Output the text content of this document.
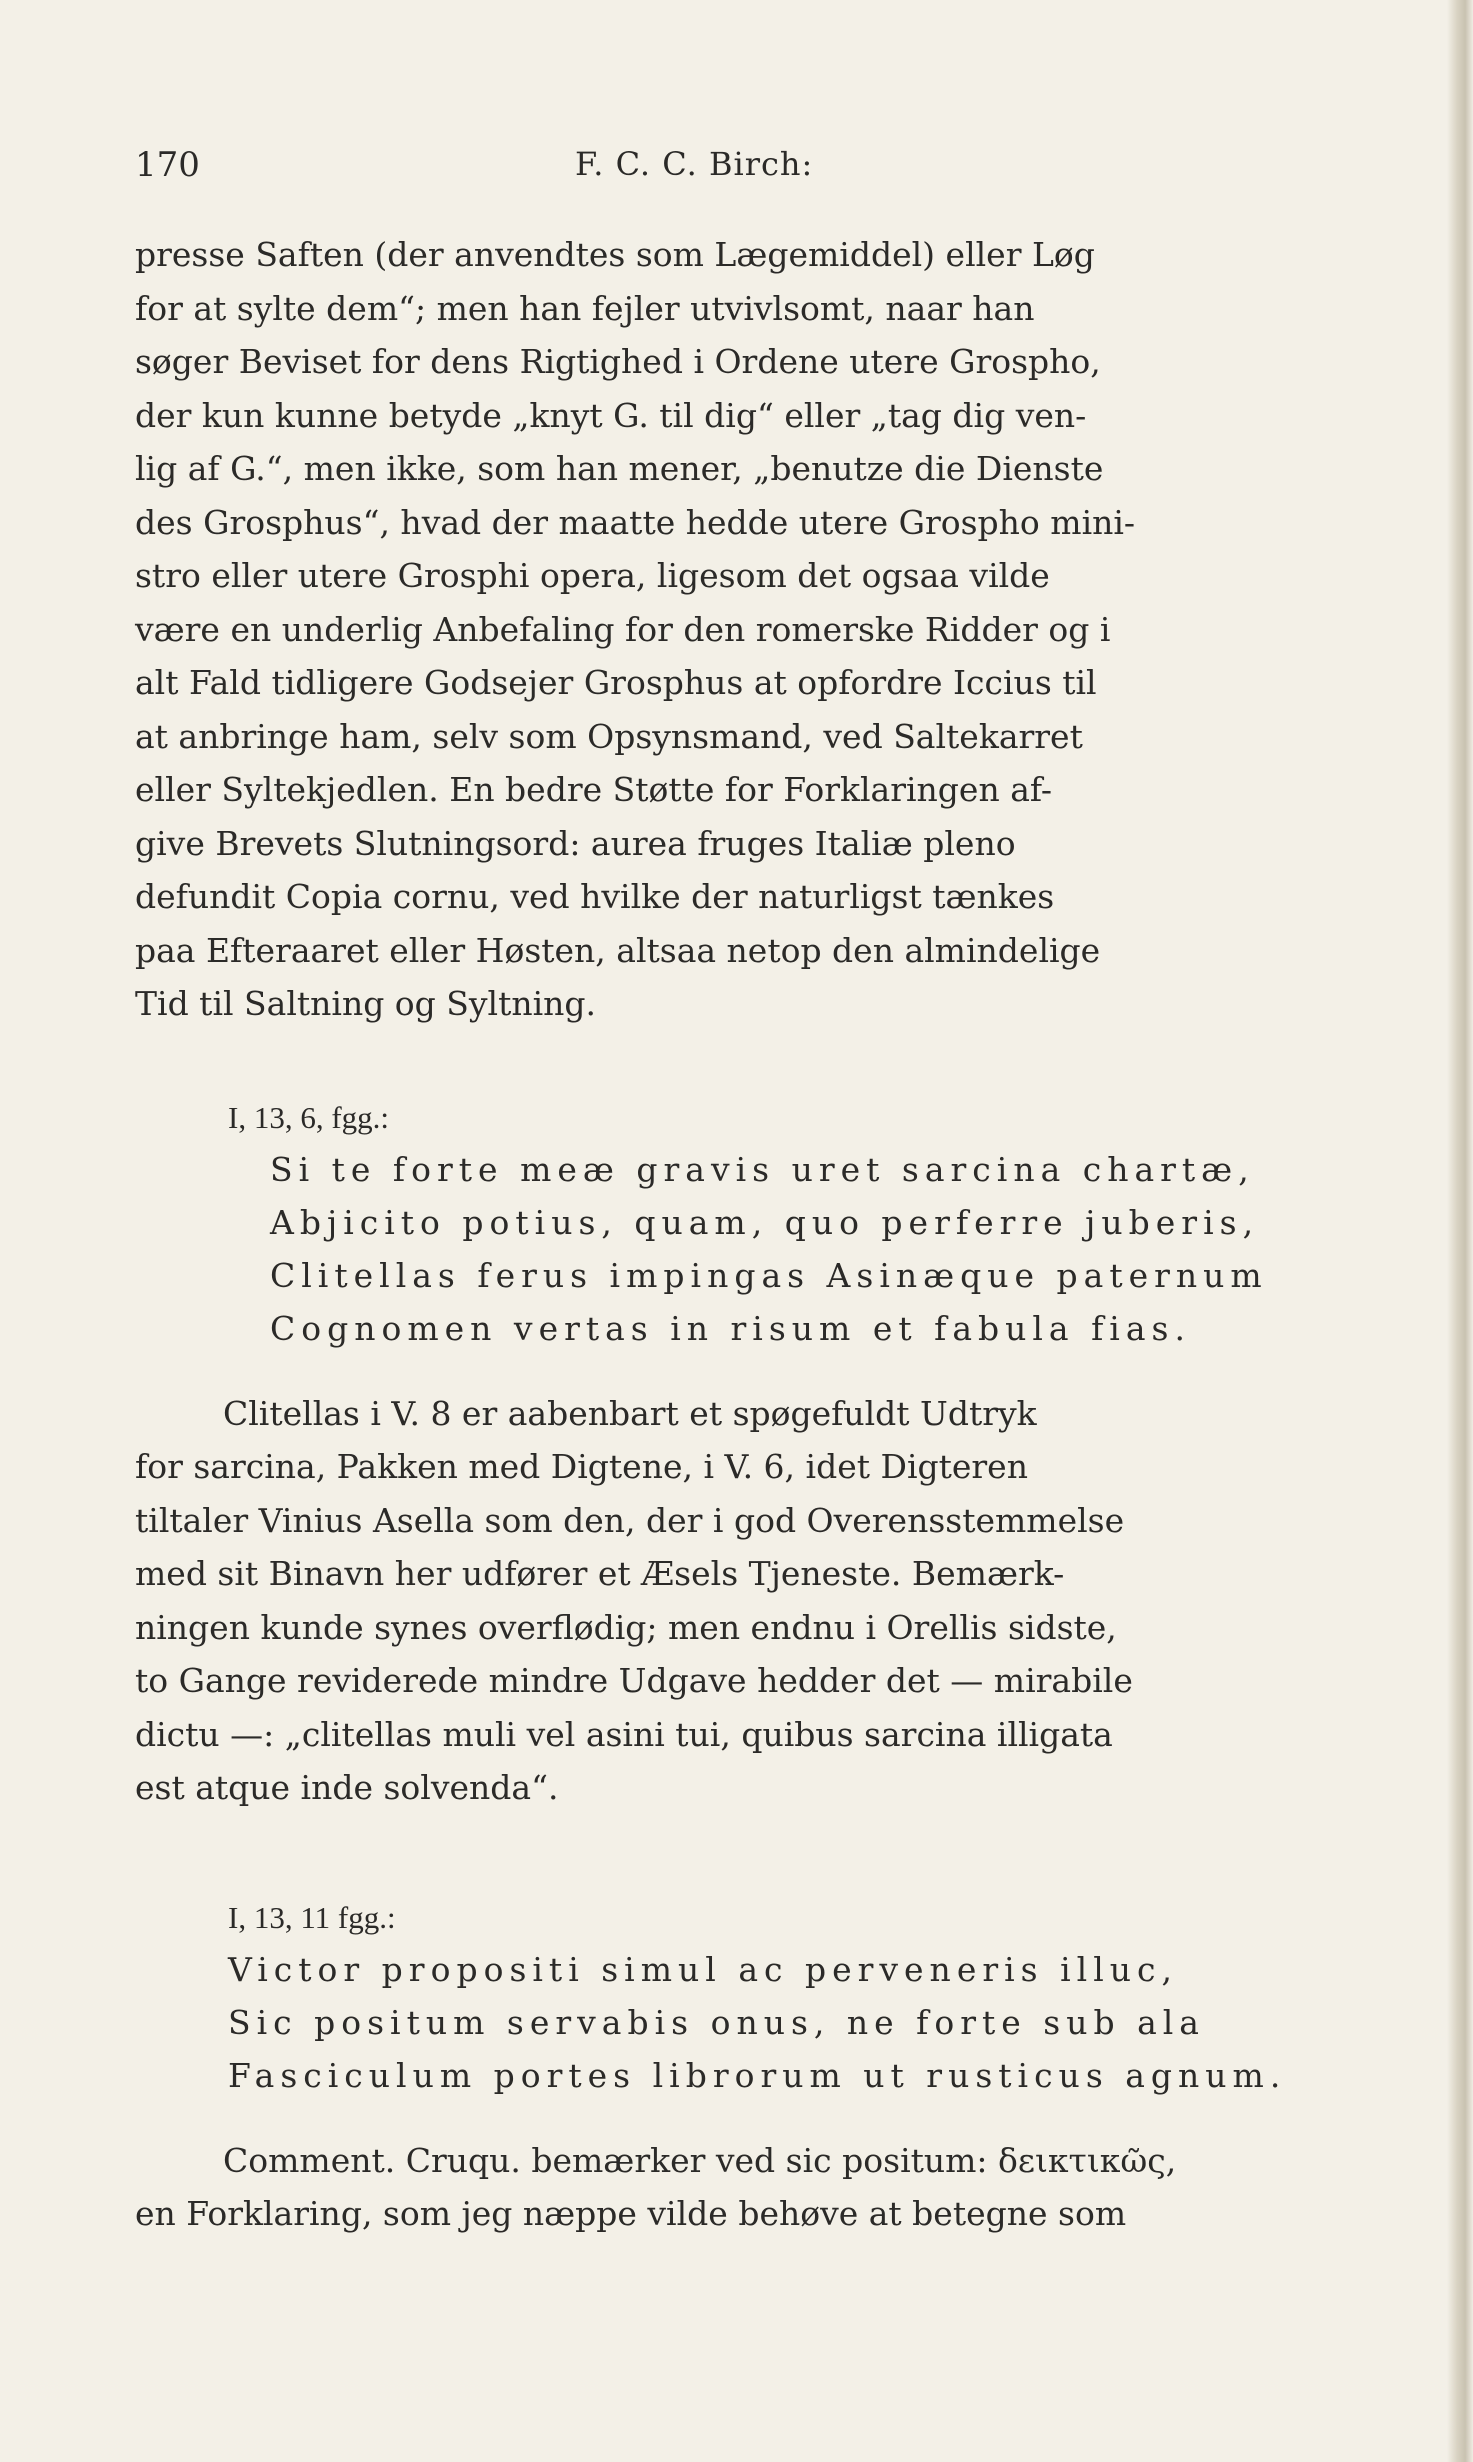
170	F. C. C. Birch:
presse Saften (der anvendtes som Lægemiddel) eller Løg
for at sylte dem“; men han fejler utvivlsomt, naar han
søger Beviset for dens Rigtighed i Ordene utere Grospho,
der kun kunne betyde „knyt G. til dig“ eller „tag dig ven-
lig af G.“, men ikke, som han mener, „benutze die Dienste
des Grosphus“, hvad der maatte hedde utere Grospho mini-
stro eller utere Grosphi opera, ligesom det ogsaa vilde
være en underlig Anbefaling for den romerske Ridder og i
alt Fald tidligere Godsejer Grosphus at opfordre Iccius til
at anbringe ham, selv som Opsynsmand, ved Saltekarret
eller Syltekjedlen. En bedre Støtte for Forklaringen af-
give Brevets Slutningsord: aurea fruges Italiæ pleno
defundit Copia cornu, ved hvilke der naturligst tænkes
paa Efteraaret eller Høsten, altsaa netop den almindelige
Tid til Saltning og Syltning.
I, 13, 6, fgg.:
Si te forte meæ gravis uret sarcina chartæ,
Abjicito potius, quam, quo perferre juberis,
Clitellas ferus impingas Asinæque paternum
Cognomen vertas in risum et fabula fias.
Clitellas i V. 8 er aabenbart et spøgefuldt Udtryk
for sarcina, Pakken med Digtene, i V. 6, idet Digteren
tiltaler Vinius Asella som den, der i god Overensstemmelse
med sit Binavn her udfører et Æsels Tjeneste. Bemærk-
ningen kunde synes overflødig; men endnu i Orellis sidste,
to Gange reviderede mindre Udgave hedder det — mirabile
dictu —: „clitellas muli vel asini tui, quibus sarcina illigata
est atque inde solvenda“.
I, 13, 11 fgg.:
Victor propositi simul ac perveneris illuc,
Sic positum servabis onus, ne forte sub ala
Fasciculum portes librorum ut rusticus agnum.
Comment. Cruqu. bemærker ved sic positum: δεικτικῶς,
en Forklaring, som jeg næppe vilde behøve at betegne som
